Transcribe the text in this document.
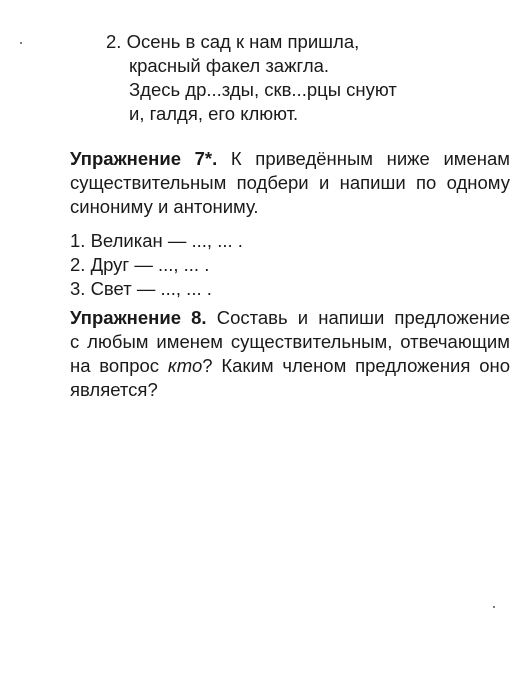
2. Осень в сад к нам пришла,
красный факел зажгла.
Здесь др...зды, скв...рцы снуют
и, галдя, его клюют.
Упражнение 7*. К приведённым ниже именам
существительным подбери и напиши по одному
синониму и антониму.
1. Великан — ..., ... .
2. Друг — ..., ... .
3. Свет — ..., ... .
Упражнение 8. Составь и напиши предложение
с любым именем существительным, отвечающим
на вопрос кто? Каким членом предложения оно
является?
